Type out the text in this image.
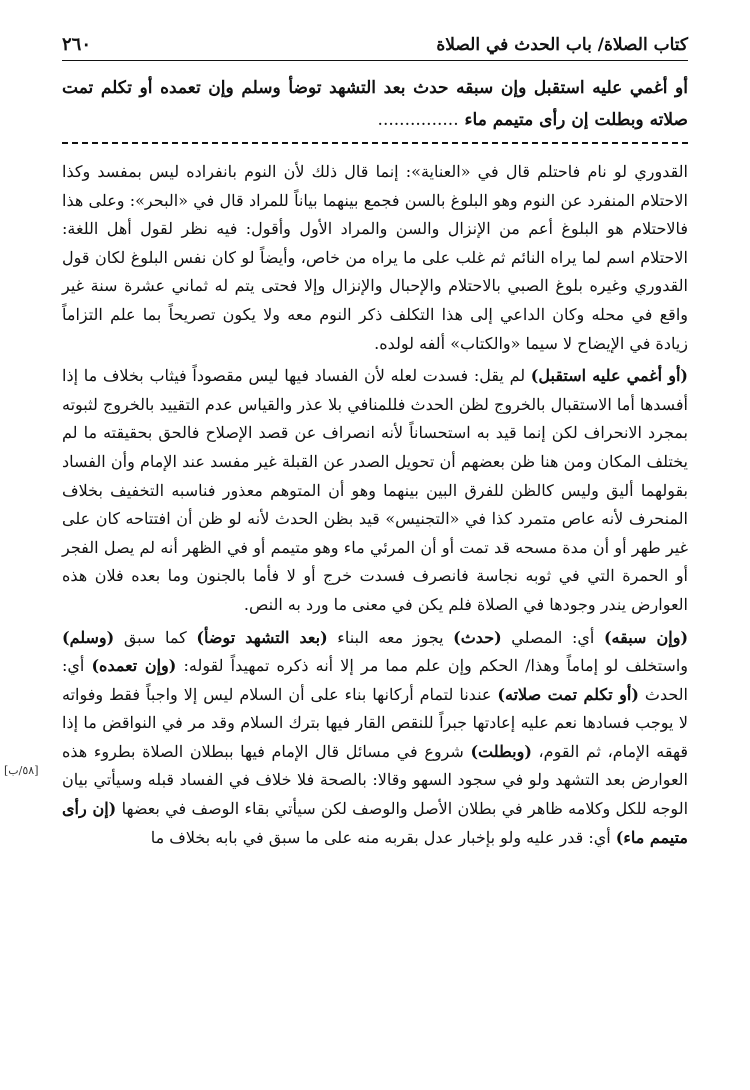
٢٦٠	كتاب الصلاة/ باب الحدث في الصلاة
أو أغمي عليه استقبل وإن سبقه حدث بعد التشهد توضأ وسلم وإن تعمده أو تكلم تمت صلاته وبطلت إن رأى متيمم ماء ...............

القدوري لو نام فاحتلم قال في «العناية»: إنما قال ذلك لأن النوم بانفراده ليس بمفسد وكذا الاحتلام المنفرد عن النوم وهو البلوغ بالسن فجمع بينهما بياناً للمراد قال في «البحر»: وعلى هذا فالاحتلام هو البلوغ أعم من الإنزال والسن والمراد الأول وأقول: فيه نظر لقول أهل اللغة: الاحتلام اسم لما يراه النائم ثم غلب على ما يراه من خاص، وأيضاً لو كان نفس البلوغ لكان قول القدوري وغيره بلوغ الصبي بالاحتلام والإحبال والإنزال وإلا فحتى يتم له ثماني عشرة سنة غير واقع في محله وكان الداعي إلى هذا التكلف ذكر النوم معه ولا يكون تصريحاً بما علم التزاماً زيادة في الإيضاح لا سيما «والكتاب» ألفه لولده.

(أو أغمي عليه استقبل) لم يقل: فسدت لعله لأن الفساد فيها ليس مقصوداً فيثاب بخلاف ما إذا أفسدها أما الاستقبال بالخروج لظن الحدث فللمنافي بلا عذر والقياس عدم التقييد بالخروج لثبوته بمجرد الانحراف لكن إنما قيد به استحساناً لأنه انصراف عن قصد الإصلاح فالحق بحقيقته ما لم يختلف المكان ومن هنا ظن بعضهم أن تحويل الصدر عن القبلة غير مفسد عند الإمام وأن الفساد بقولهما أليق وليس كالظن للفرق البين بينهما وهو أن المتوهم معذور فناسبه التخفيف بخلاف المنحرف لأنه عاص متمرد كذا في «التجنيس» قيد بظن الحدث لأنه لو ظن أن افتتاحه كان على غير طهر أو أن مدة مسحه قد تمت أو أن المرئي ماء وهو متيمم أو في الظهر أنه لم يصل الفجر أو الحمرة التي في ثوبه نجاسة فانصرف فسدت خرج أو لا فأما بالجنون وما بعده فلان هذه العوارض يندر وجودها في الصلاة فلم يكن في معنى ما ورد به النص.

(وإن سبقه) أي: المصلي (حدث) يجوز معه البناء (بعد التشهد توضأ) كما سبق (وسلم) واستخلف لو إماماً وهذا/ الحكم وإن علم مما مر إلا أنه ذكره تمهيداً لقوله: (وإن تعمده) أي: الحدث (أو تكلم تمت صلاته) عندنا لتمام أركانها بناء على أن السلام ليس إلا واجباً فقط وفواته لا يوجب فسادها نعم عليه إعادتها جبراً للنقص القار فيها بترك السلام وقد مر في النواقض ما إذا قهقه الإمام، ثم القوم، (وبطلت) شروع في مسائل قال الإمام فيها ببطلان الصلاة بطروء هذه العوارض بعد التشهد ولو في سجود السهو وقالا: بالصحة فلا خلاف في الفساد قبله وسيأتي بيان الوجه للكل وكلامه ظاهر في بطلان الأصل والوصف لكن سيأتي بقاء الوصف في بعضها (إن رأى متيمم ماء) أي: قدر عليه ولو بإخبار عدل بقربه منه على ما سبق في بابه بخلاف ما

[٥٨/ب]
